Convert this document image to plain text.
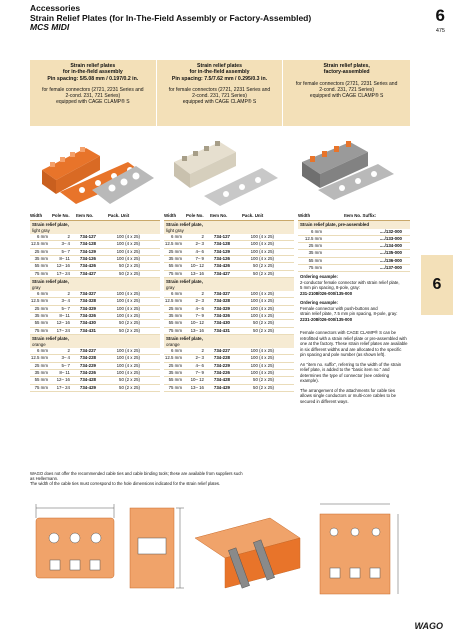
Accessories
Strain Relief Plates (for In-The-Field Assembly or Factory-Assembled)
MCS MIDI
6
475
6
Strain relief plates
for in-the-field assembly
Pin spacing: 5/5.08 mm / 0.197/0.2 in.
for female connectors (2721, 2231 Series and
2-cond. 231, 721 Series)
equipped with CAGE CLAMP® S
Strain relief plates
for in-the-field assembly
Pin spacing: 7.5/7.62 mm / 0.295/0.3 in.
for female connectors (2721, 2231 Series and
2-cond. 231, 721 Series)
equipped with CAGE CLAMP® S
Strain relief plates,
factory-assembled

for female connectors (2721, 2231 Series and
2-cond. 231, 721 Series)
equipped with CAGE CLAMP® S
Width	Pole No.	Item No.	Pack. Unit
Strain relief plate,
light gray
6 mm	2	734-127	100 (4 x 25)
12.5 mm	3– 4	734-128	100 (4 x 25)
25 mm	5– 7	734-129	100 (4 x 25)
35 mm	8– 11	734-126	100 (4 x 25)
55 mm	12– 16	734-426	50 (2 x 25)
75 mm	17– 24	734-427	50 (2 x 25)
Strain relief plate,
gray
6 mm	2	734-327	100 (4 x 25)
12.5 mm	3– 4	734-328	100 (4 x 25)
25 mm	5– 7	734-329	100 (4 x 25)
35 mm	8– 11	734-326	100 (4 x 25)
55 mm	12– 16	734-430	50 (2 x 25)
75 mm	17– 24	734-431	50 (2 x 25)
Strain relief plate,
orange
6 mm	2	734-227	100 (4 x 25)
12.5 mm	3– 4	734-228	100 (4 x 25)
25 mm	5– 7	734-229	100 (4 x 25)
35 mm	8– 11	734-226	100 (4 x 25)
55 mm	12– 16	734-428	50 (2 x 25)
75 mm	17– 24	734-429	50 (2 x 25)
Width	Pole No.	Item No.	Pack. Unit
Strain relief plate,
light gray
6 mm	2	734-127	100 (4 x 25)
12.5 mm	2– 3	734-128	100 (4 x 25)
25 mm	4– 6	734-129	100 (4 x 25)
35 mm	7– 9	734-126	100 (4 x 25)
55 mm	10– 12	734-426	50 (2 x 25)
75 mm	13– 16	734-427	50 (2 x 25)
Strain relief plate,
gray
6 mm	2	734-327	100 (4 x 25)
12.5 mm	2– 3	734-328	100 (4 x 25)
25 mm	4– 6	734-329	100 (4 x 25)
35 mm	7– 9	734-326	100 (4 x 25)
55 mm	10– 12	734-430	50 (2 x 25)
75 mm	13– 16	734-431	50 (2 x 25)
Strain relief plate,
orange
6 mm	2	734-227	100 (4 x 25)
12.5 mm	2– 3	734-228	100 (4 x 25)
25 mm	4– 6	734-229	100 (4 x 25)
35 mm	7– 9	734-226	100 (4 x 25)
55 mm	10– 12	734-428	50 (2 x 25)
75 mm	13– 16	734-429	50 (2 x 25)
Width	Item No. Suffix:
Strain relief plate, pre-assembled
6 mm	..../132-000
12.5 mm	..../133-000
25 mm	..../134-000
35 mm	..../135-000
55 mm	..../136-000
75 mm	..../137-000

Ordering example:
2-conductor female connector with strain relief plate,
5 mm pin spacing, 8-pole, gray:
231-2108/026-000/135-000

Ordering example:
Female connector with push-buttons and
strain relief plate, 7.5 mm pin spacing, 8-pole, gray:
2231-208/026-000/135-000

Female connectors with CAGE CLAMP® S can be retrofitted with a strain relief plate or pre-assembled with one at the factory. These strain relief plates are available in six different widths and are allocated to the specific pin spacing and pole number (as shown left).

An "item no. suffix", referring to the width of the strain relief plate, is added to the "basic item no." and determines the type of connector (see ordering example).

The arrangement of the attachments for cable ties allows single conductors or multi-core cables to be secured in different ways.

WAGO does not offer the recommended cable ties and cable binding tools; these are available from suppliers such
as Hellermann.
The width of the cable ties must correspond to the hole dimensions indicated for the strain relief plates.
WAGO
